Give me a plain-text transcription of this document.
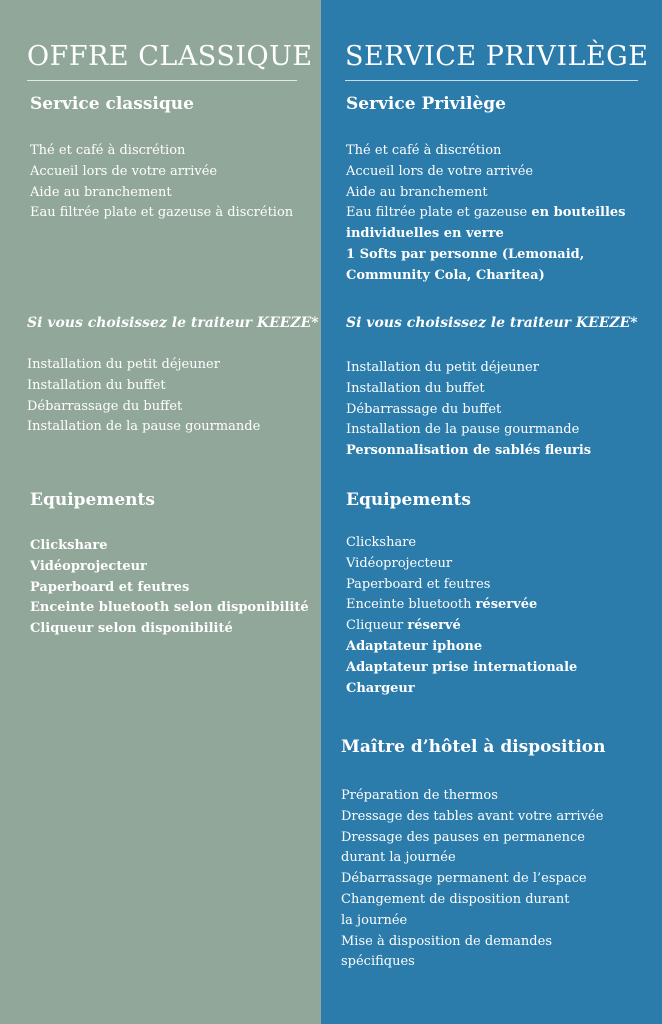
OFFRE CLASSIQUE
Service classique
Thé et café à discrétion
Accueil lors de votre arrivée
Aide au branchement
Eau filtrée plate et gazeuse à discrétion
Si vous choisissez le traiteur KEEZE*
Installation du petit déjeuner
Installation du buffet
Débarrassage du buffet
Installation de la pause gourmande
Equipements
Clickshare
Vidéoprojecteur
Paperboard et feutres
Enceinte bluetooth selon disponibilité
Cliqueur selon disponibilité
SERVICE PRIVILÈGE
Service Privilège
Thé et café à discrétion
Accueil lors de votre arrivée
Aide au branchement
Eau filtrée plate et gazeuse en bouteilles
individuelles en verre
1 Softs par personne (Lemonaid,
Community Cola, Charitea)
Si vous choisissez le traiteur KEEZE*
Installation du petit déjeuner
Installation du buffet
Débarrassage du buffet
Installation de la pause gourmande
Personnalisation de sablés fleuris
Equipements
Clickshare
Vidéoprojecteur
Paperboard et feutres
Enceinte bluetooth réservée
Cliqueur réservé
Adaptateur iphone
Adaptateur prise internationale
Chargeur
Maître d’hôtel à disposition
Préparation de thermos
Dressage des tables avant votre arrivée
Dressage des pauses en permanence
durant la journée
Débarrassage permanent de l’espace
Changement de disposition durant
la journée
Mise à disposition de demandes
spécifiques
